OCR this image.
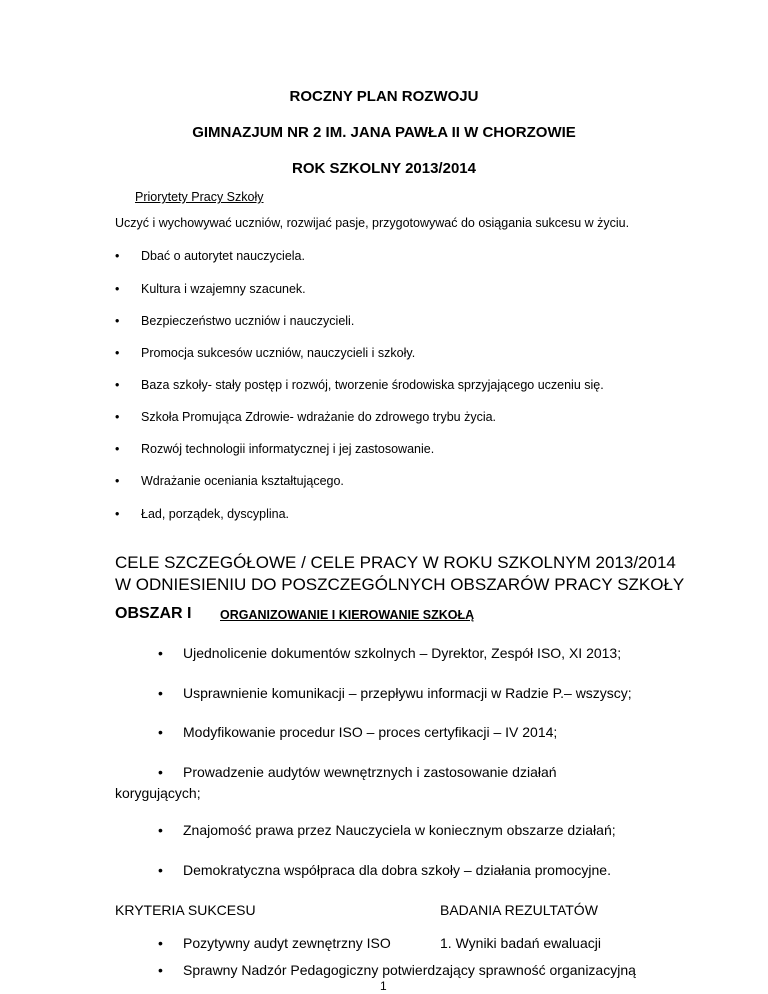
ROCZNY PLAN ROZWOJU
GIMNAZJUM NR 2 IM. JANA PAWŁA II W CHORZOWIE
ROK SZKOLNY 2013/2014
Priorytety Pracy Szkoły
Uczyć i wychowywać uczniów, rozwijać pasje, przygotowywać do osiągania sukcesu w życiu.
• Dbać o autorytet nauczyciela.
• Kultura i wzajemny szacunek.
• Bezpieczeństwo uczniów i nauczycieli.
• Promocja sukcesów uczniów, nauczycieli i szkoły.
• Baza szkoły- stały postęp i rozwój, tworzenie środowiska sprzyjającego uczeniu się.
• Szkoła Promująca Zdrowie- wdrażanie do zdrowego trybu życia.
• Rozwój technologii informatycznej i jej zastosowanie.
• Wdrażanie oceniania kształtującego.
• Ład, porządek, dyscyplina.
CELE SZCZEGÓŁOWE / CELE PRACY W ROKU SZKOLNYM 2013/2014
W ODNIESIENIU DO POSZCZEGÓLNYCH OBSZARÓW PRACY SZKOŁY
OBSZAR I ORGANIZOWANIE I KIEROWANIE SZKOŁĄ
• Ujednolicenie dokumentów szkolnych – Dyrektor, Zespół ISO, XI 2013;
• Usprawnienie komunikacji – przepływu informacji w Radzie P.– wszyscy;
• Modyfikowanie procedur ISO – proces certyfikacji – IV 2014;
• Prowadzenie audytów wewnętrznych i zastosowanie działań
korygujących;
• Znajomość prawa przez Nauczyciela w koniecznym obszarze działań;
• Demokratyczna współpraca dla dobra szkoły – działania promocyjne.
KRYTERIA SUKCESU	BADANIA REZULTATÓW
• Pozytywny audyt zewnętrzny ISO	1. Wyniki badań ewaluacji
• Sprawny Nadzór Pedagogiczny potwierdzający sprawność organizacyjną
1
